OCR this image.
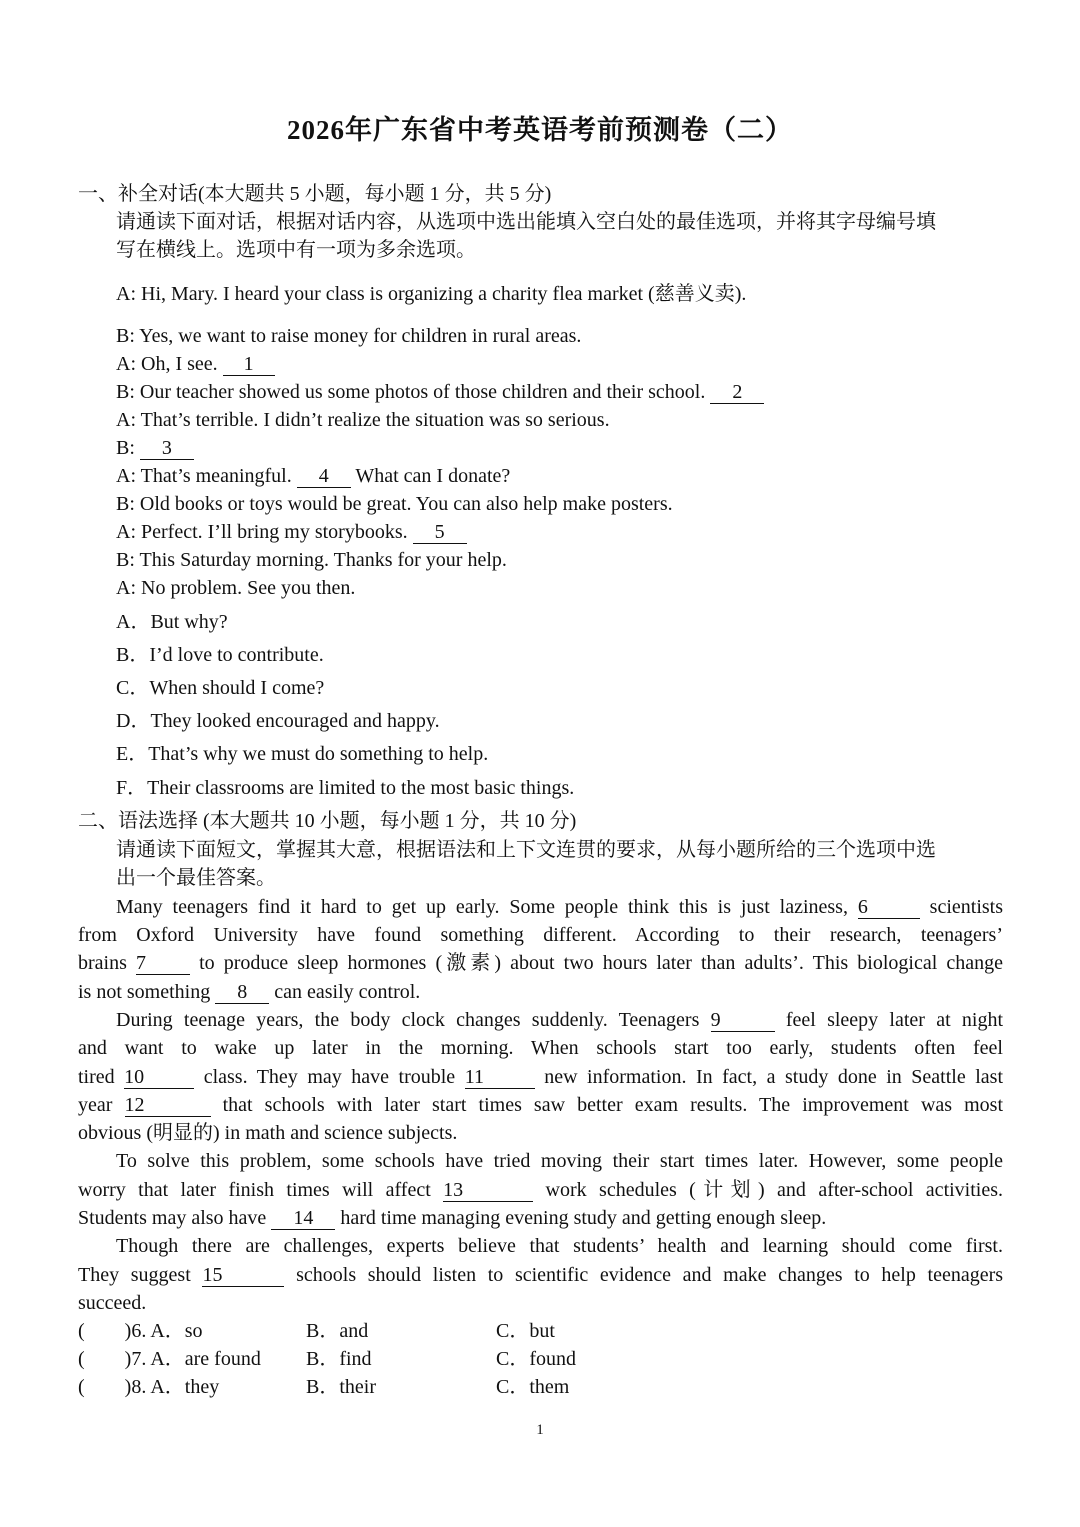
2026年广东省中考英语考前预测卷（二）
一、补全对话(本大题共 5 小题，每小题 1 分，共 5 分)
请通读下面对话，根据对话内容，从选项中选出能填入空白处的最佳选项，并将其字母编号填
写在横线上。选项中有一项为多余选项。
A: Hi, Mary. I heard your class is organizing a charity flea market (慈善义卖).
B: Yes, we want to raise money for children in rural areas.
A: Oh, I see. 1
B: Our teacher showed us some photos of those children and their school. 2
A: That’s terrible. I didn’t realize the situation was so serious.
B: 3
A: That’s meaningful. 4 What can I donate?
B: Old books or toys would be great. You can also help make posters.
A: Perfect. I’ll bring my storybooks. 5
B: This Saturday morning. Thanks for your help.
A: No problem. See you then.
A．But why?
B．I’d love to contribute.
C．When should I come?
D．They looked encouraged and happy.
E．That’s why we must do something to help.
F．Their classrooms are limited to the most basic things.
二、语法选择 (本大题共 10 小题，每小题 1 分，共 10 分)
请通读下面短文，掌握其大意，根据语法和上下文连贯的要求，从每小题所给的三个选项中选
出一个最佳答案。
Many teenagers find it hard to get up early. Some people think this is just laziness, 6	scientists
from Oxford University have found something different. According to their research, teenagers’
brains 7	to produce sleep hormones (激素) about two hours later than adults’. This biological change
is not something 8 can easily control.
During teenage years, the body clock changes suddenly. Teenagers 9	feel sleepy later at night
and want to wake up later in the morning. When schools start too early, students often feel
tired 10	class. They may have trouble 11	new information. In fact, a study done in Seattle last
year 12	that schools with later start times saw better exam results. The improvement was most
obvious (明显的) in math and science subjects.
To solve this problem, some schools have tried moving their start times later. However, some people
worry that later finish times will affect 13	work schedules (计划) and after-school activities.
Students may also have 14 hard time managing evening study and getting enough sleep.
Though there are challenges, experts believe that students’ health and learning should come first.
They suggest 15	schools should listen to scientific evidence and make changes to help teenagers
succeed.
(　　)6. A．so	B．and	C．but
(　　)7. A．are found B．find	C．found
(　　)8. A．they	B．their	C．them
1
